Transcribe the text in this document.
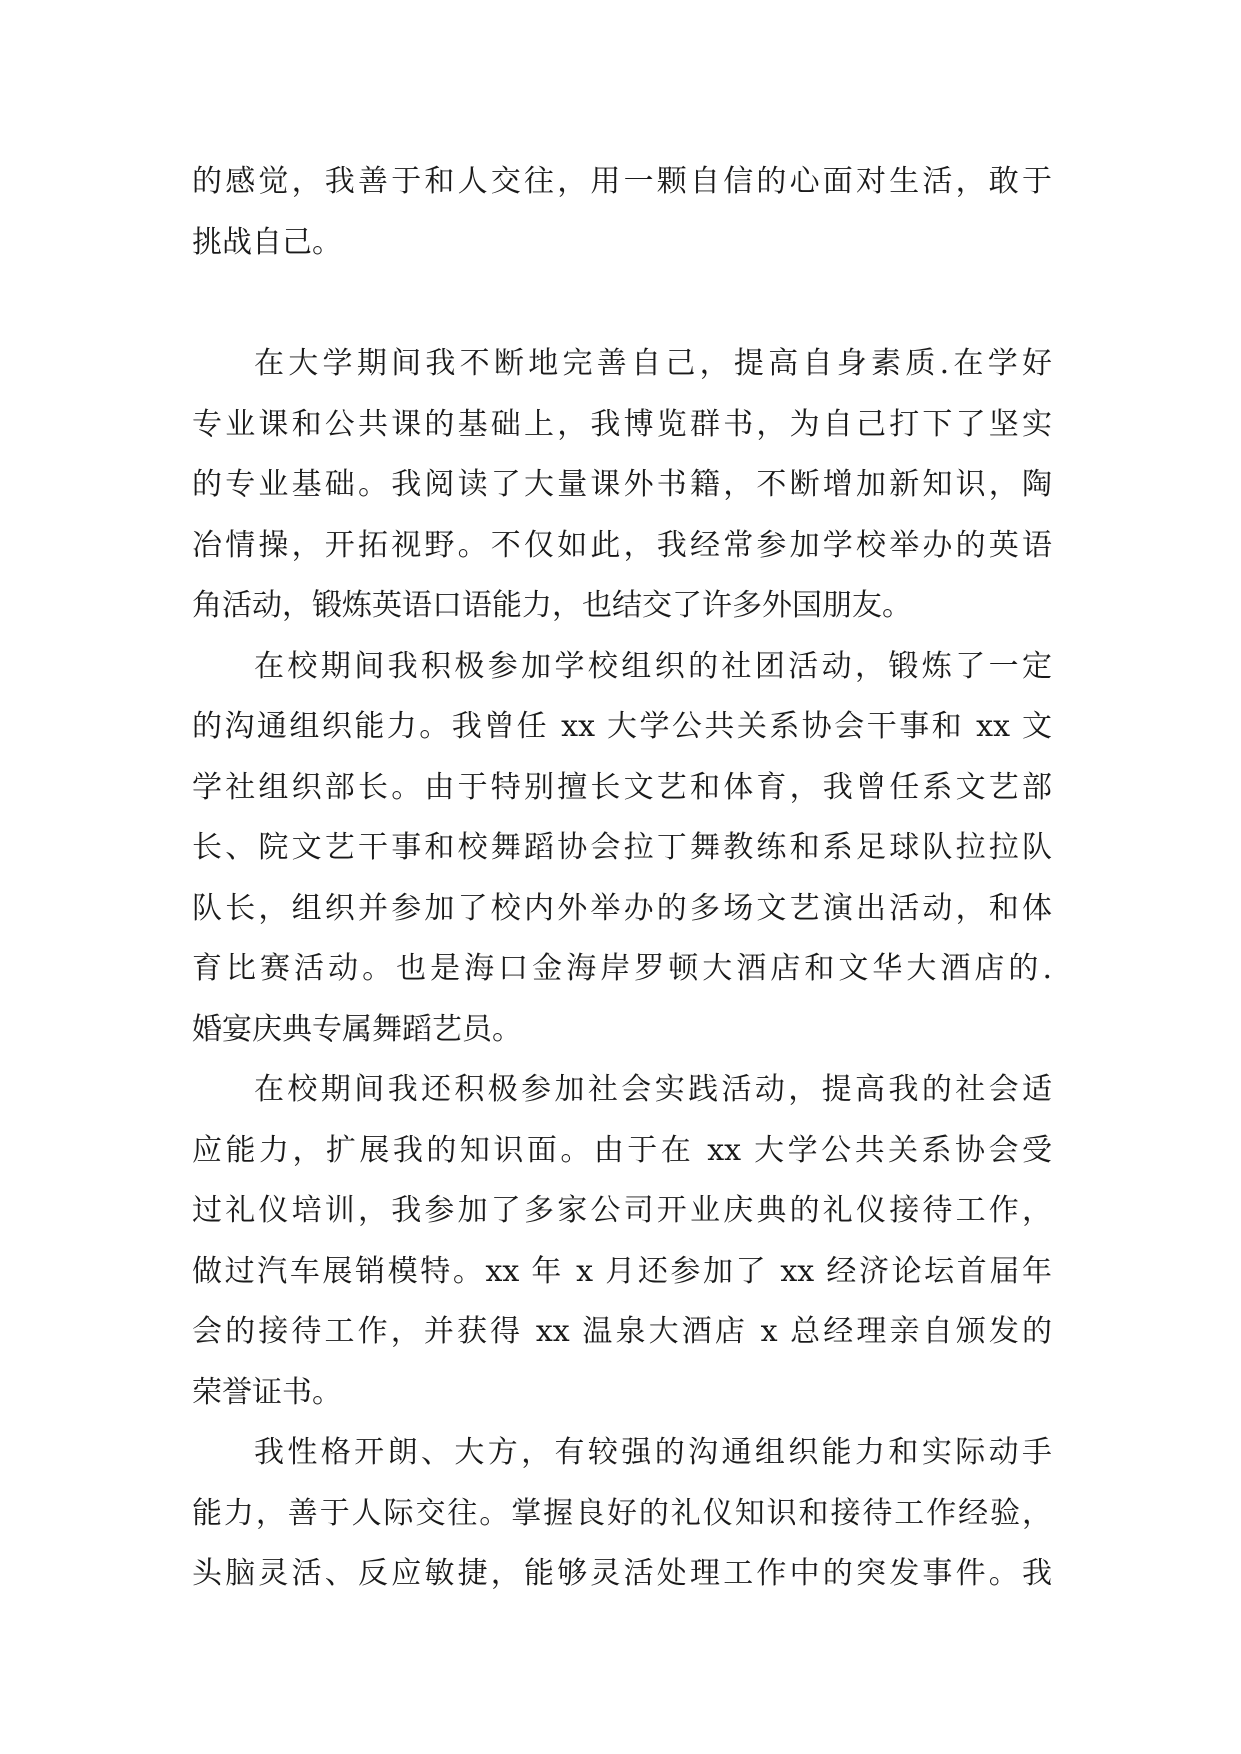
的感觉，我善于和人交往，用一颗自信的心面对生活，敢于
挑战自己。
在大学期间我不断地完善自己，提高自身素质.在学好
专业课和公共课的基础上，我博览群书，为自己打下了坚实
的专业基础。我阅读了大量课外书籍，不断增加新知识，陶
冶情操，开拓视野。不仅如此，我经常参加学校举办的英语
角活动，锻炼英语口语能力，也结交了许多外国朋友。
在校期间我积极参加学校组织的社团活动，锻炼了一定
的沟通组织能力。我曾任 xx 大学公共关系协会干事和 xx 文
学社组织部长。由于特别擅长文艺和体育，我曾任系文艺部
长、院文艺干事和校舞蹈协会拉丁舞教练和系足球队拉拉队
队长，组织并参加了校内外举办的多场文艺演出活动，和体
育比赛活动。也是海口金海岸罗顿大酒店和文华大酒店的.
婚宴庆典专属舞蹈艺员。
在校期间我还积极参加社会实践活动，提高我的社会适
应能力，扩展我的知识面。由于在 xx 大学公共关系协会受
过礼仪培训，我参加了多家公司开业庆典的礼仪接待工作，
做过汽车展销模特。xx 年 x 月还参加了 xx 经济论坛首届年
会的接待工作，并获得 xx 温泉大酒店 x 总经理亲自颁发的
荣誉证书。
我性格开朗、大方，有较强的沟通组织能力和实际动手
能力，善于人际交往。掌握良好的礼仪知识和接待工作经验，
头脑灵活、反应敏捷，能够灵活处理工作中的突发事件。我
